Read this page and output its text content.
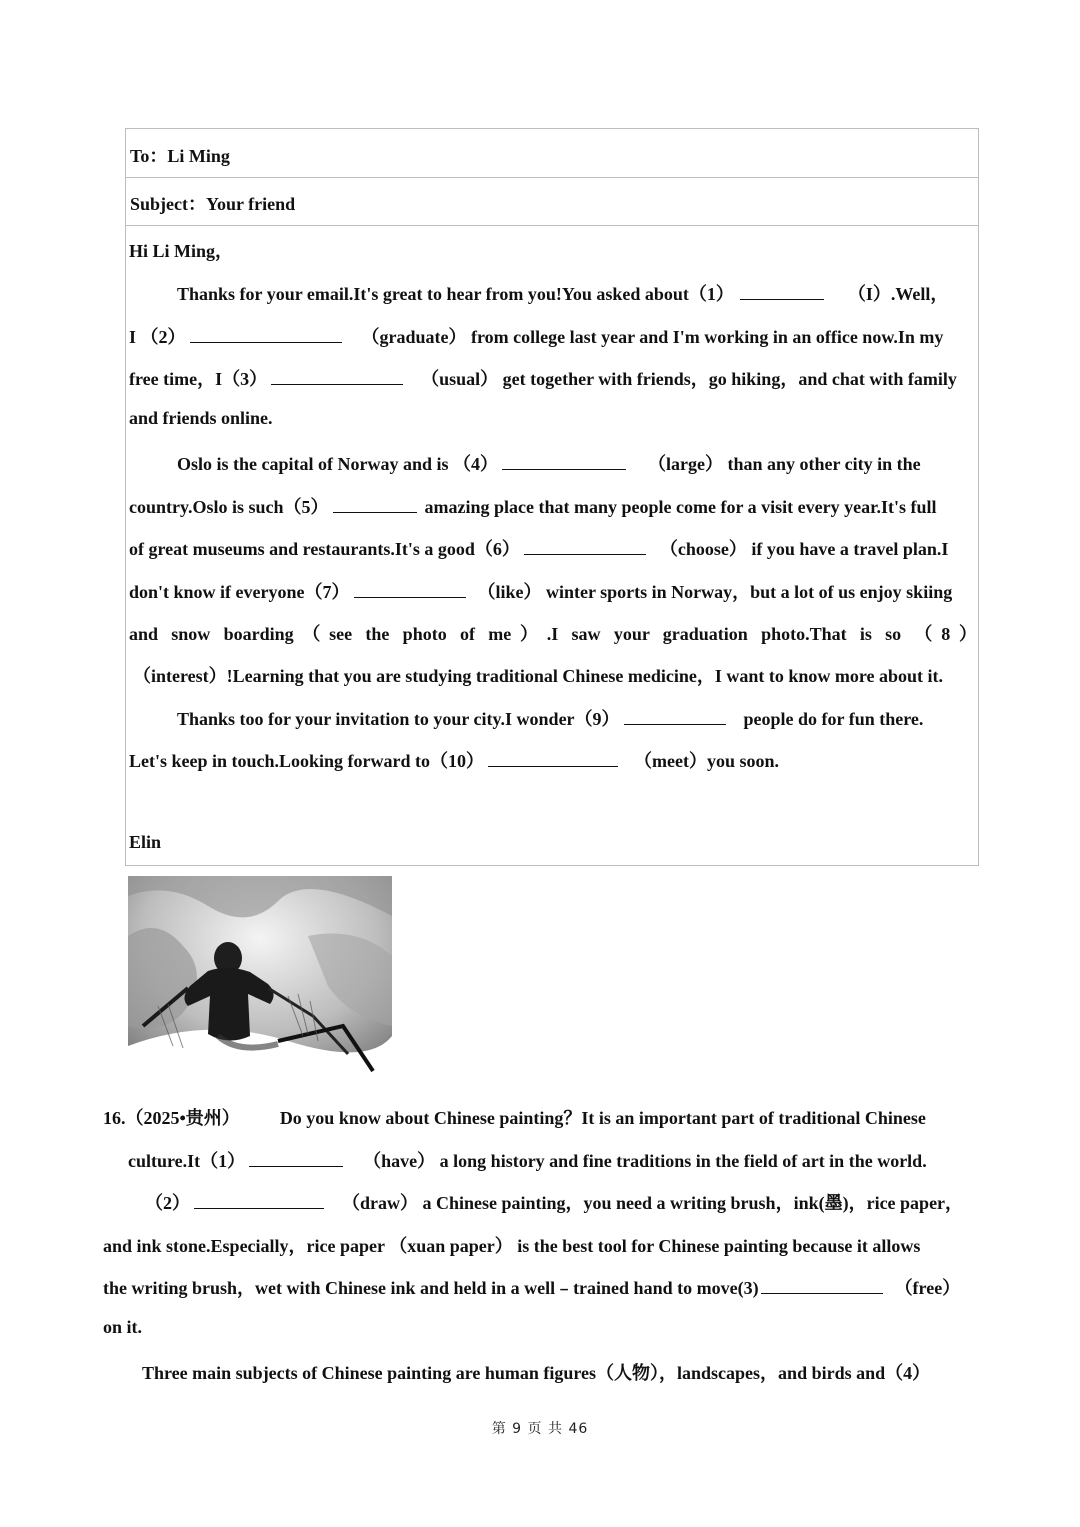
To：Li Ming
Subject：Your friend
Hi Li Ming，
Thanks for your email.It's great to hear from you!You asked about（1）	（I）.Well，
I （2）	（graduate） from college last year and I'm working in an office now.In my
free time，I（3）	（usual） get together with friends，go hiking，and chat with family
and friends online.
Oslo is the capital of Norway and is （4）	（large） than any other city in the
country.Oslo is such（5）	amazing place that many people come for a visit every year.It's full
of great museums and restaurants.It's a good（6）	（choose） if you have a travel plan.I
don't know if everyone（7）	（like） winter sports in Norway，but a lot of us enjoy skiing
and snow boarding（see the photo of me）.I saw your graduation photo.That is so （8）
（interest）!Learning that you are studying traditional Chinese medicine，I want to know more about it.
Thanks too for your invitation to your city.I wonder（9）	people do for fun there.
Let's keep in touch.Looking forward to（10）	（meet）you soon.
Elin
16.（2025•贵州） Do you know about Chinese painting？It is an important part of traditional Chinese
culture.It（1）	（have） a long history and fine traditions in the field of art in the world.
（2）	（draw） a Chinese painting，you need a writing brush，ink(墨)，rice paper，
and ink stone.Especially，rice paper （xuan paper） is the best tool for Chinese painting because it allows
the writing brush，wet with Chinese ink and held in a well﹣trained hand to move(3)	（free）
on it.
Three main subjects of Chinese painting are human figures（人物），landscapes，and birds and（4）
第 9 页 共 46
